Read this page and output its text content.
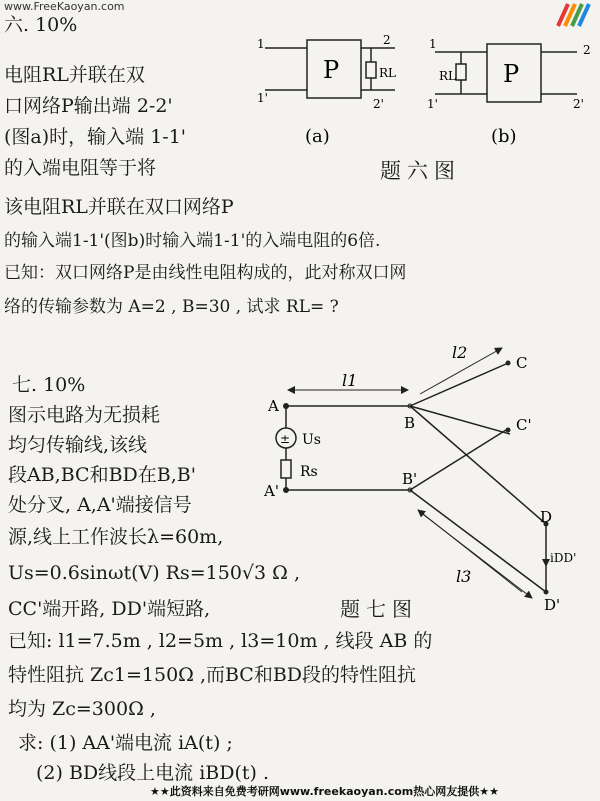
www.FreeKaoyan.com
六. 10%
电阻RL并联在双
口网络P输出端 2-2'
(图a)时，输入端 1-1'
的入端电阻等于将
该电阻RL并联在双口网络P
的输入端1-1'(图b)时输入端1-1'的入端电阻的6倍.
已知：双口网络P是由线性电阻构成的，此对称双口网
络的传输参数为 A=2 , B=30 , 试求 RL= ?
P	RL
1
1'
2
2'
(a)
P
RL
1
1'
2
2'
(b)
题六图
七. 10%
图示电路为无损耗
均匀传输线,该线
段AB,BC和BD在B,B'
处分叉, A,A'端接信号
源,线上工作波长λ=60m,
Us=0.6sinωt(V) Rs=150√3 Ω ,
CC'端开路, DD'端短路,
已知: l1=7.5m , l2=5m , l3=10m , 线段 AB 的
特性阻抗 Zc1=150Ω ,而BC和BD段的特性阻抗
均为 Zc=300Ω ,
求: (1) AA'端电流 iA(t) ;
(2) BD线段上电流 iBD(t) .
题七图
± Us
Rs
l1
l2
l3
A
A'
B
B'
C
C'
D
D'
iDD'
★★此资料来自免费考研网www.freekaoyan.com热心网友提供★★
